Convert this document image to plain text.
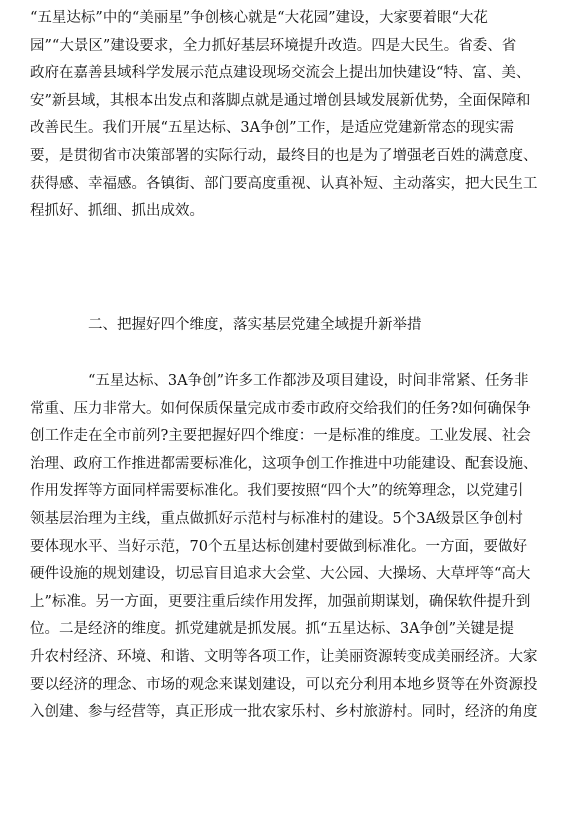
“五星达标”中的“美丽星”争创核心就是“大花园”建设，大家要着眼“大花
园”“大景区”建设要求，全力抓好基层环境提升改造。四是大民生。省委、省
政府在嘉善县域科学发展示范点建设现场交流会上提出加快建设“特、富、美、
安”新县域，其根本出发点和落脚点就是通过增创县域发展新优势，全面保障和
改善民生。我们开展“五星达标、3A争创”工作，是适应党建新常态的现实需
要，是贯彻省市决策部署的实际行动，最终目的也是为了增强老百姓的满意度、
获得感、幸福感。各镇街、部门要高度重视、认真补短、主动落实，把大民生工
程抓好、抓细、抓出成效。
二、把握好四个维度，落实基层党建全域提升新举措
“五星达标、3A争创”许多工作都涉及项目建设，时间非常紧、任务非
常重、压力非常大。如何保质保量完成市委市政府交给我们的任务?如何确保争
创工作走在全市前列?主要把握好四个维度：一是标准的维度。工业发展、社会
治理、政府工作推进都需要标准化，这项争创工作推进中功能建设、配套设施、
作用发挥等方面同样需要标准化。我们要按照“四个大”的统筹理念，以党建引
领基层治理为主线，重点做抓好示范村与标准村的建设。5个3A级景区争创村
要体现水平、当好示范，70个五星达标创建村要做到标准化。一方面，要做好
硬件设施的规划建设，切忌盲目追求大会堂、大公园、大操场、大草坪等“高大
上”标准。另一方面，更要注重后续作用发挥，加强前期谋划，确保软件提升到
位。二是经济的维度。抓党建就是抓发展。抓“五星达标、3A争创”关键是提
升农村经济、环境、和谐、文明等各项工作，让美丽资源转变成美丽经济。大家
要以经济的理念、市场的观念来谋划建设，可以充分利用本地乡贤等在外资源投
入创建、参与经营等，真正形成一批农家乐村、乡村旅游村。同时，经济的角度
